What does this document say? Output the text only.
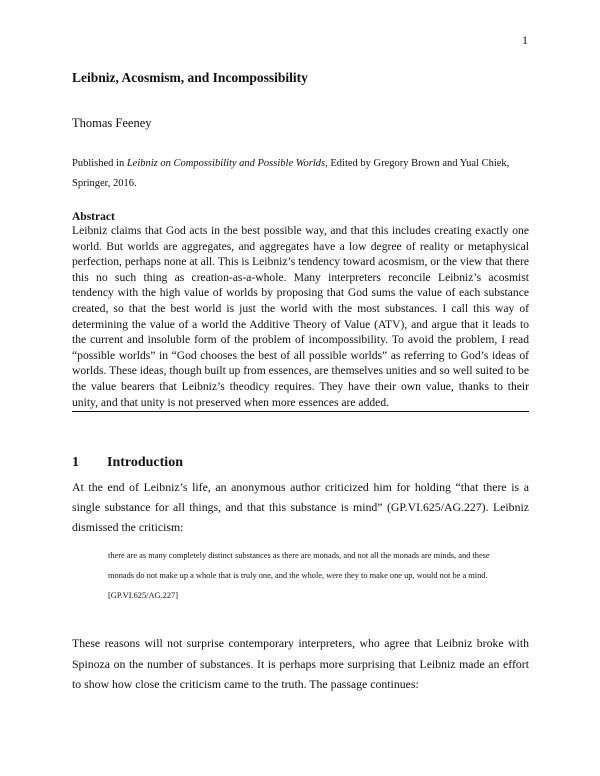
1
Leibniz, Acosmism, and Incompossibility
Thomas Feeney
Published in Leibniz on Compossibility and Possible Worlds, Edited by Gregory Brown and Yual Chiek, Springer, 2016.
Abstract
Leibniz claims that God acts in the best possible way, and that this includes creating exactly one world. But worlds are aggregates, and aggregates have a low degree of reality or metaphysical perfection, perhaps none at all. This is Leibniz’s tendency toward acosmism, or the view that there this no such thing as creation-as-a-whole. Many interpreters reconcile Leibniz’s acosmist tendency with the high value of worlds by proposing that God sums the value of each substance created, so that the best world is just the world with the most substances. I call this way of determining the value of a world the Additive Theory of Value (ATV), and argue that it leads to the current and insoluble form of the problem of incompossibility. To avoid the problem, I read “possible worlds” in “God chooses the best of all possible worlds” as referring to God’s ideas of worlds. These ideas, though built up from essences, are themselves unities and so well suited to be the value bearers that Leibniz’s theodicy requires. They have their own value, thanks to their unity, and that unity is not preserved when more essences are added.
1 Introduction
At the end of Leibniz’s life, an anonymous author criticized him for holding “that there is a single substance for all things, and that this substance is mind” (GP.VI.625/AG.227). Leibniz dismissed the criticism:
there are as many completely distinct substances as there are monads, and not all the monads are minds, and these monads do not make up a whole that is truly one, and the whole, were they to make one up, would not be a mind. [GP.VI.625/AG.227]
These reasons will not surprise contemporary interpreters, who agree that Leibniz broke with Spinoza on the number of substances. It is perhaps more surprising that Leibniz made an effort to show how close the criticism came to the truth. The passage continues:
